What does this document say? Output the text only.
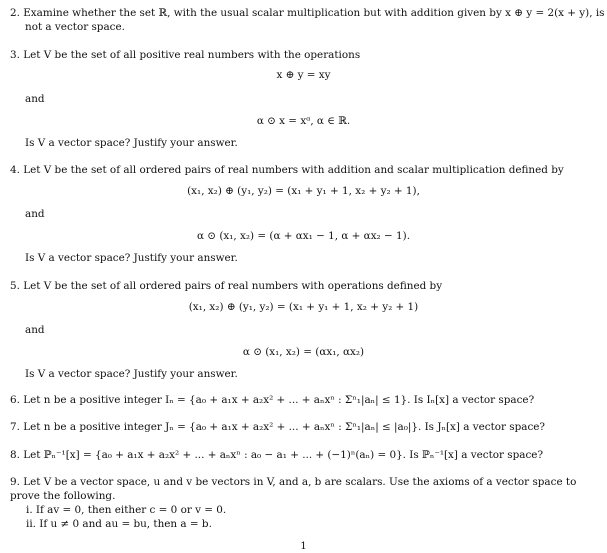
2. Examine whether the set ℝ, with the usual scalar multiplication but with addition given by x ⊕ y = 2(x + y), is
not a vector space.
3. Let V be the set of all positive real numbers with the operations
x ⊕ y = xy
and
α ⊙ x = xᵅ, α ∈ ℝ.
Is V a vector space? Justify your answer.
4. Let V be the set of all ordered pairs of real numbers with addition and scalar multiplication defined by
(x₁, x₂) ⊕ (y₁, y₂) = (x₁ + y₁ + 1, x₂ + y₂ + 1),
and
α ⊙ (x₁, x₂) = (α + αx₁ − 1, α + αx₂ − 1).
Is V a vector space? Justify your answer.
5. Let V be the set of all ordered pairs of real numbers with operations defined by
(x₁, x₂) ⊕ (y₁, y₂) = (x₁ + y₁ + 1, x₂ + y₂ + 1)
and
α ⊙ (x₁, x₂) = (αx₁, αx₂)
Is V a vector space? Justify your answer.
6. Let n be a positive integer Iₙ = {a₀ + a₁x + a₂x² + ... + aₙxⁿ : Σⁿ₁|aₙ| ≤ 1}. Is Iₙ[x] a vector space?
7. Let n be a positive integer Jₙ = {a₀ + a₁x + a₂x² + ... + aₙxⁿ : Σⁿ₁|aₙ| ≤ |a₀|}. Is Jₙ[x] a vector space?
8. Let ℙₙ⁻¹[x] = {a₀ + a₁x + a₂x² + ... + aₙxⁿ : a₀ − a₁ + ... + (−1)ⁿ(aₙ) = 0}. Is ℙₙ⁻¹[x] a vector space?
9. Let V be a vector space, u and v be vectors in V, and a, b are scalars. Use the axioms of a vector space to
prove the following.
i. If av = 0, then either c = 0 or v = 0.
ii. If u ≠ 0 and au = bu, then a = b.
1
